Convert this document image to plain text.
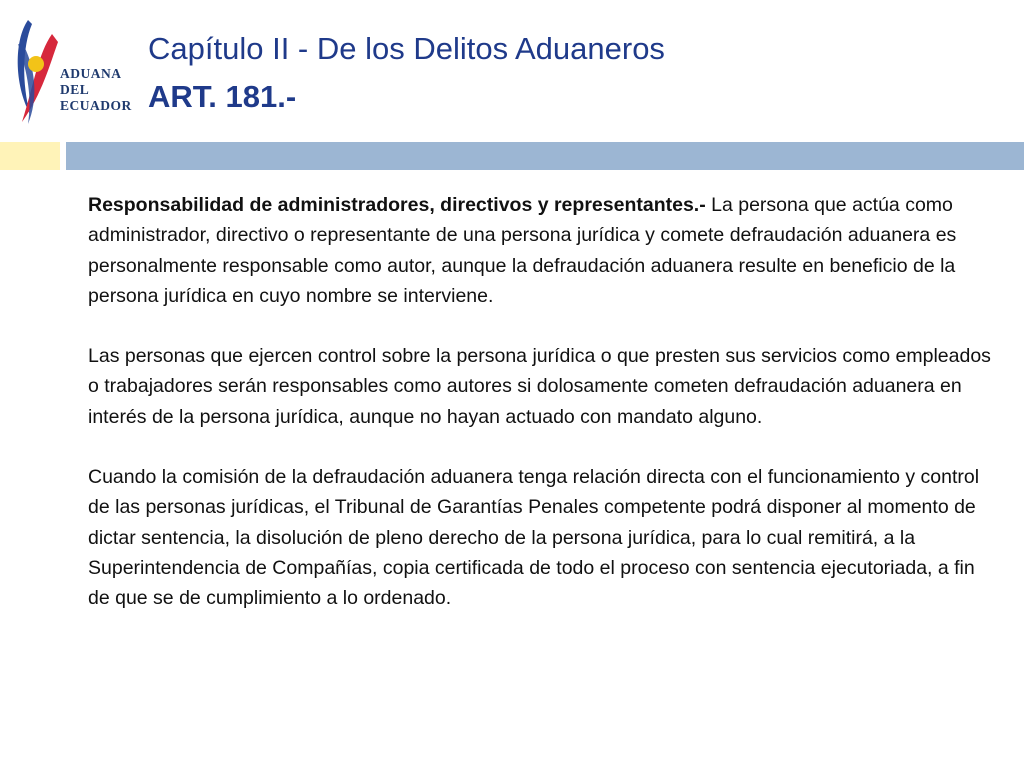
ADUANA
DEL
ECUADOR
Capítulo II - De los Delitos Aduaneros
ART. 181.-

Responsabilidad de administradores, directivos y representantes.- La persona que actúa como administrador, directivo o representante de una persona jurídica y comete defraudación aduanera es personalmente responsable como autor, aunque la defraudación aduanera resulte en beneficio de la persona jurídica en cuyo nombre se interviene.

Las personas que ejercen control sobre la persona jurídica o que presten sus servicios como empleados o trabajadores serán responsables como autores si dolosamente cometen defraudación aduanera en interés de la persona jurídica, aunque no hayan actuado con mandato alguno.

Cuando la comisión de la defraudación aduanera tenga relación directa con el funcionamiento y control de las personas jurídicas, el Tribunal de Garantías Penales competente podrá disponer al momento de dictar sentencia, la disolución de pleno derecho de la persona jurídica, para lo cual remitirá, a la Superintendencia de Compañías, copia certificada de todo el proceso con sentencia ejecutoriada, a fin de que se de cumplimiento a lo ordenado.
